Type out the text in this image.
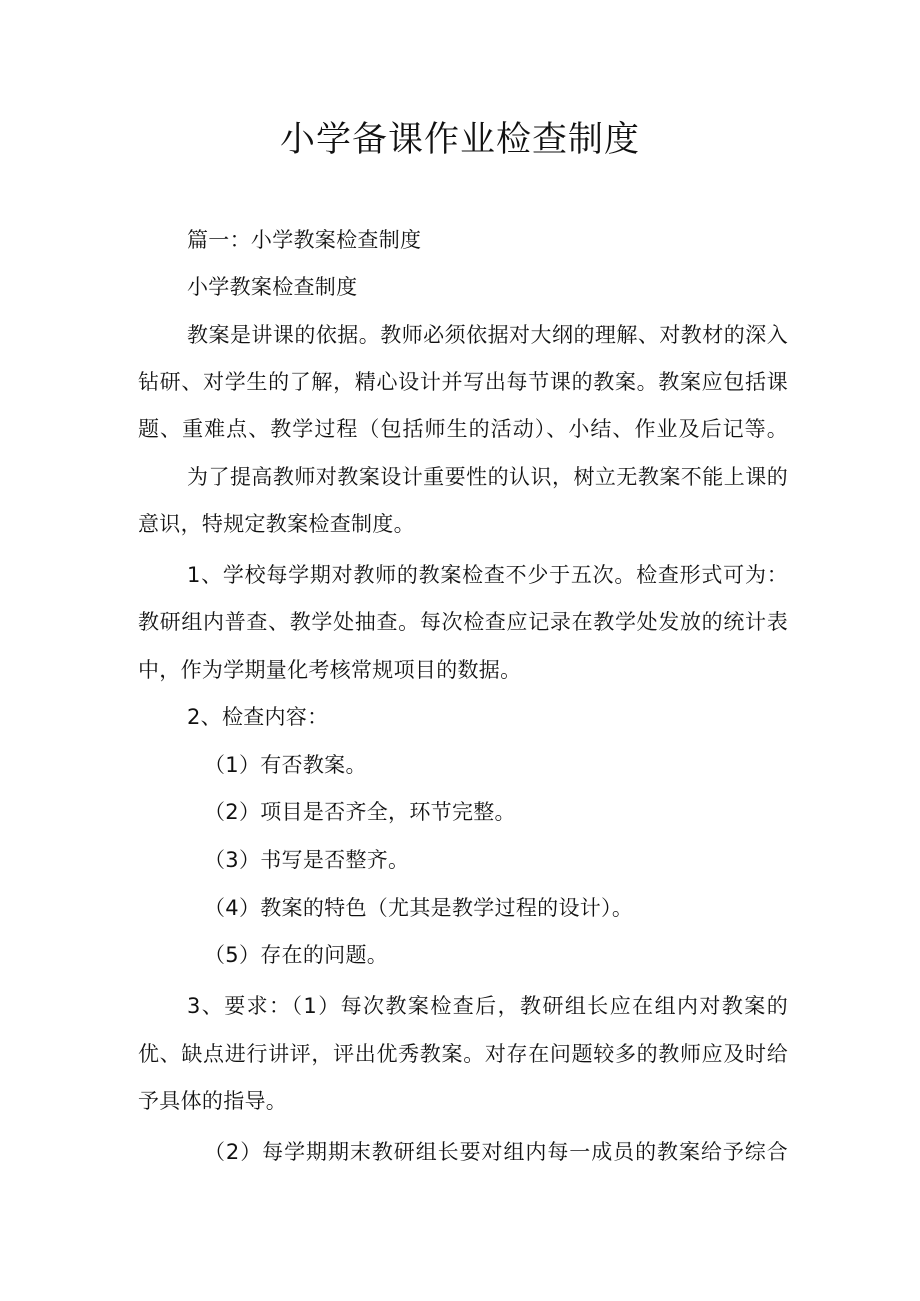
小学备课作业检查制度
篇一：小学教案检查制度
小学教案检查制度
教案是讲课的依据。教师必须依据对大纲的理解、对教材的深入
钻研、对学生的了解，精心设计并写出每节课的教案。教案应包括课
题、重难点、教学过程（包括师生的活动）、小结、作业及后记等。
为了提高教师对教案设计重要性的认识，树立无教案不能上课的
意识，特规定教案检查制度。
1、学校每学期对教师的教案检查不少于五次。检查形式可为：
教研组内普查、教学处抽查。每次检查应记录在教学处发放的统计表
中，作为学期量化考核常规项目的数据。
2、检查内容：
（1）有否教案。
（2）项目是否齐全，环节完整。
（3）书写是否整齐。
（4）教案的特色（尤其是教学过程的设计）。
（5）存在的问题。
3、要求：（1）每次教案检查后，教研组长应在组内对教案的
优、缺点进行讲评，评出优秀教案。对存在问题较多的教师应及时给
予具体的指导。
（2）每学期期末教研组长要对组内每一成员的教案给予综合
